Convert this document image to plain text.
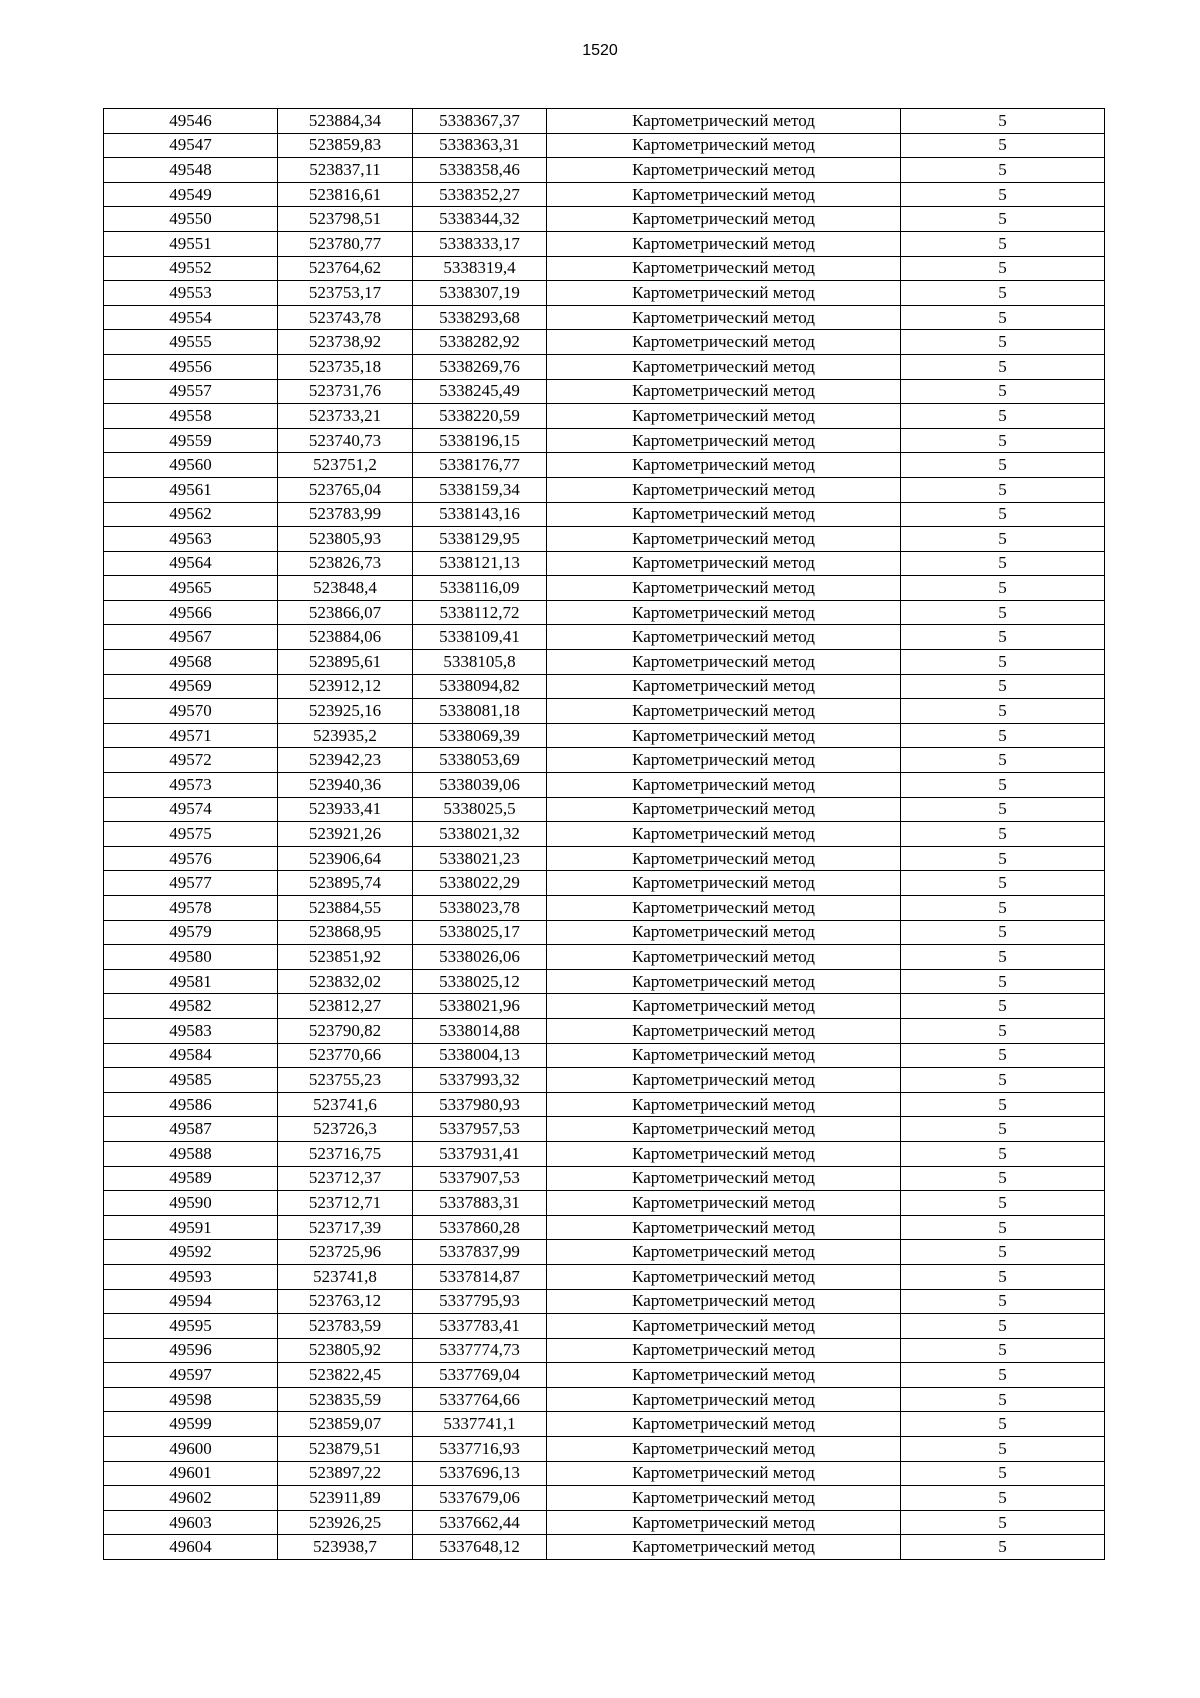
1520
49546	523884,34	5338367,37	Картометрический метод	5
49547	523859,83	5338363,31	Картометрический метод	5
49548	523837,11	5338358,46	Картометрический метод	5
49549	523816,61	5338352,27	Картометрический метод	5
49550	523798,51	5338344,32	Картометрический метод	5
49551	523780,77	5338333,17	Картометрический метод	5
49552	523764,62	5338319,4	Картометрический метод	5
49553	523753,17	5338307,19	Картометрический метод	5
49554	523743,78	5338293,68	Картометрический метод	5
49555	523738,92	5338282,92	Картометрический метод	5
49556	523735,18	5338269,76	Картометрический метод	5
49557	523731,76	5338245,49	Картометрический метод	5
49558	523733,21	5338220,59	Картометрический метод	5
49559	523740,73	5338196,15	Картометрический метод	5
49560	523751,2	5338176,77	Картометрический метод	5
49561	523765,04	5338159,34	Картометрический метод	5
49562	523783,99	5338143,16	Картометрический метод	5
49563	523805,93	5338129,95	Картометрический метод	5
49564	523826,73	5338121,13	Картометрический метод	5
49565	523848,4	5338116,09	Картометрический метод	5
49566	523866,07	5338112,72	Картометрический метод	5
49567	523884,06	5338109,41	Картометрический метод	5
49568	523895,61	5338105,8	Картометрический метод	5
49569	523912,12	5338094,82	Картометрический метод	5
49570	523925,16	5338081,18	Картометрический метод	5
49571	523935,2	5338069,39	Картометрический метод	5
49572	523942,23	5338053,69	Картометрический метод	5
49573	523940,36	5338039,06	Картометрический метод	5
49574	523933,41	5338025,5	Картометрический метод	5
49575	523921,26	5338021,32	Картометрический метод	5
49576	523906,64	5338021,23	Картометрический метод	5
49577	523895,74	5338022,29	Картометрический метод	5
49578	523884,55	5338023,78	Картометрический метод	5
49579	523868,95	5338025,17	Картометрический метод	5
49580	523851,92	5338026,06	Картометрический метод	5
49581	523832,02	5338025,12	Картометрический метод	5
49582	523812,27	5338021,96	Картометрический метод	5
49583	523790,82	5338014,88	Картометрический метод	5
49584	523770,66	5338004,13	Картометрический метод	5
49585	523755,23	5337993,32	Картометрический метод	5
49586	523741,6	5337980,93	Картометрический метод	5
49587	523726,3	5337957,53	Картометрический метод	5
49588	523716,75	5337931,41	Картометрический метод	5
49589	523712,37	5337907,53	Картометрический метод	5
49590	523712,71	5337883,31	Картометрический метод	5
49591	523717,39	5337860,28	Картометрический метод	5
49592	523725,96	5337837,99	Картометрический метод	5
49593	523741,8	5337814,87	Картометрический метод	5
49594	523763,12	5337795,93	Картометрический метод	5
49595	523783,59	5337783,41	Картометрический метод	5
49596	523805,92	5337774,73	Картометрический метод	5
49597	523822,45	5337769,04	Картометрический метод	5
49598	523835,59	5337764,66	Картометрический метод	5
49599	523859,07	5337741,1	Картометрический метод	5
49600	523879,51	5337716,93	Картометрический метод	5
49601	523897,22	5337696,13	Картометрический метод	5
49602	523911,89	5337679,06	Картометрический метод	5
49603	523926,25	5337662,44	Картометрический метод	5
49604	523938,7	5337648,12	Картометрический метод	5
